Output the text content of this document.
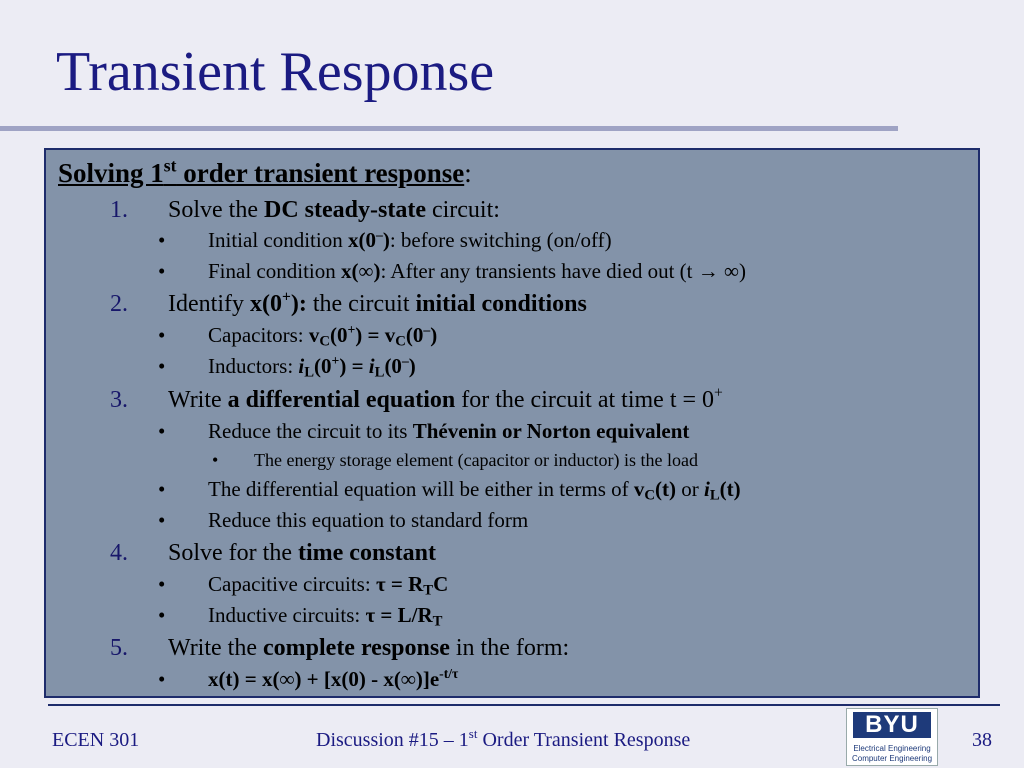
Transient Response
Solving 1st order transient response:
1. Solve the DC steady-state circuit:
• Initial condition x(0–): before switching (on/off)
• Final condition x(∞): After any transients have died out (t → ∞)
2. Identify x(0+): the circuit initial conditions
• Capacitors: $v_C(0^+) = v_C(0^-)$
• Inductors: $i_L(0^+) = i_L(0^-)$
3. Write a differential equation for the circuit at time t = 0+
• Reduce the circuit to its Thévenin or Norton equivalent
• The energy storage element (capacitor or inductor) is the load
• The differential equation will be either in terms of $v_C(t)$ or $i_L(t)$
• Reduce this equation to standard form
4. Solve for the time constant
• Capacitive circuits: $\tau = R_TC$
• Inductive circuits: $\tau = L/R_T$
5. Write the complete response in the form:
• $x(t) = x(\infty) + [x(0) - x(\infty)]e^{-t/\tau}$
ECEN 301	Discussion #15 – 1st Order Transient Response	38
BYU
Electrical Engineering
Computer Engineering
